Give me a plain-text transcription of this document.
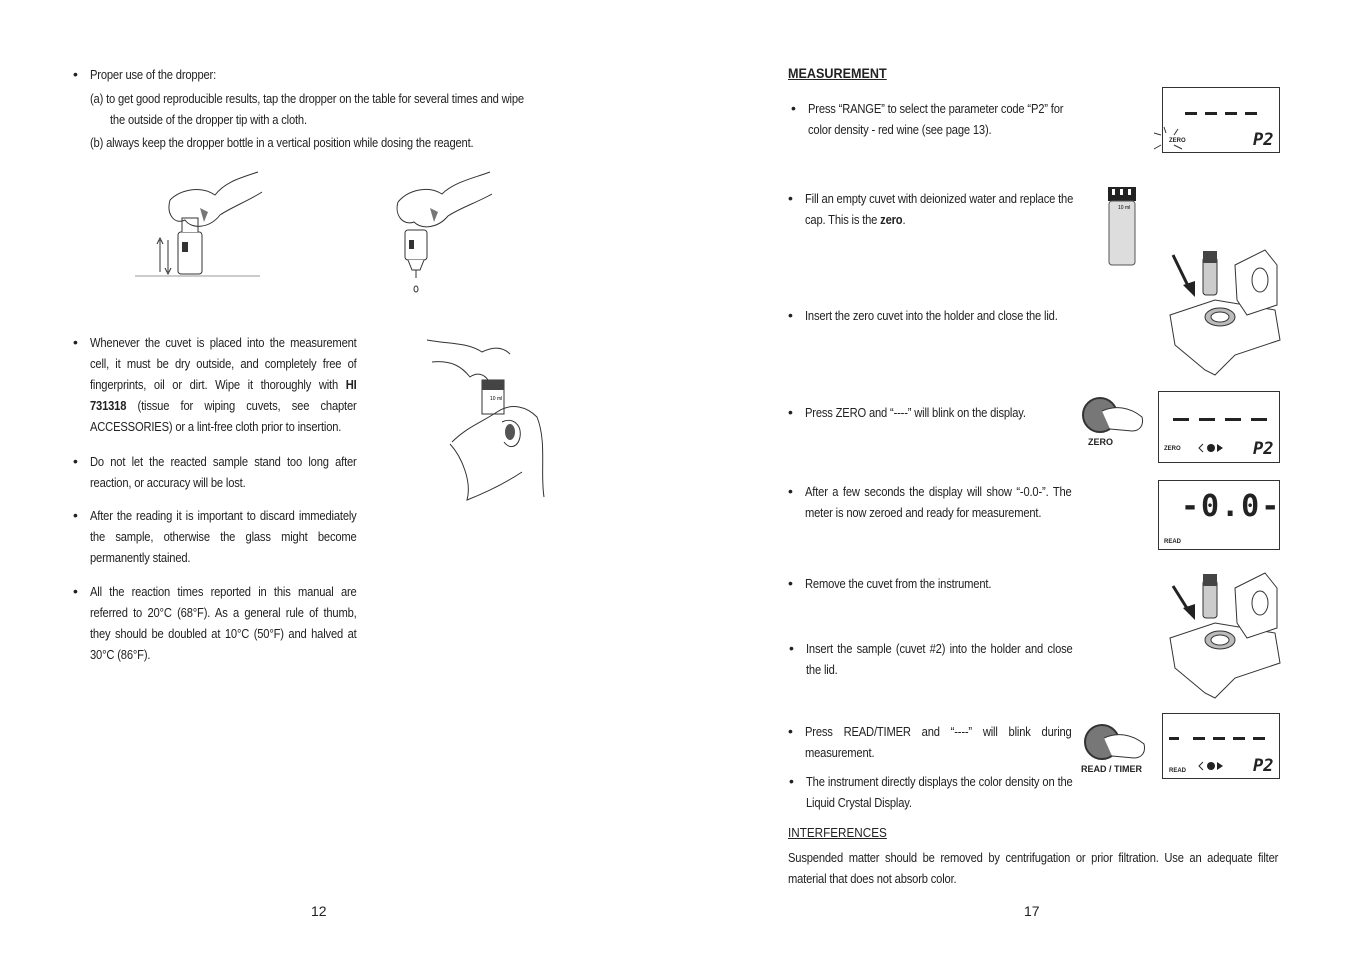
• Proper use of the dropper:
(a) to get good reproducible results, tap the dropper on the table for several times and wipe
the outside of the dropper tip with a cloth.
(b) always keep the dropper bottle in a vertical position while dosing the reagent.
10 ml
• Whenever the cuvet is placed into the measurement cell, it must be dry outside, and completely free of fingerprints, oil or dirt. Wipe it thoroughly with HI 731318 (tissue for wiping cuvets, see chapter ACCESSORIES) or a lint-free cloth prior to insertion.
• Do not let the reacted sample stand too long after reaction, or accuracy will be lost.
• After the reading it is important to discard immediately the sample, otherwise the glass might become permanently stained.
• All the reaction times reported in this manual are referred to 20°C (68°F). As a general rule of thumb, they should be doubled at 10°C (50°F) and halved at 30°C (86°F).
12
MEASUREMENT
• Press “RANGE” to select the parameter code “P2” for color density - red wine (see page 13).
ZERO	P2
• Fill an empty cuvet with deionized water and replace the cap. This is the zero.
10 ml
• Insert the zero cuvet into the holder and close the lid.
• Press ZERO and “----” will blink on the display.
ZERO
ZERO	P2
• After a few seconds the display will show “-0.0-”. The meter is now zeroed and ready for measurement.	-0.0-
READ
• Remove the cuvet from the instrument.
• Insert the sample (cuvet #2) into the holder and close the lid.
• Press READ/TIMER and “----” will blink during measurement.
READ / TIMER	READ	P2
• The instrument directly displays the color density on the Liquid Crystal Display.
INTERFERENCES
Suspended matter should be removed by centrifugation or prior filtration. Use an adequate filter material that does not absorb color.
17
